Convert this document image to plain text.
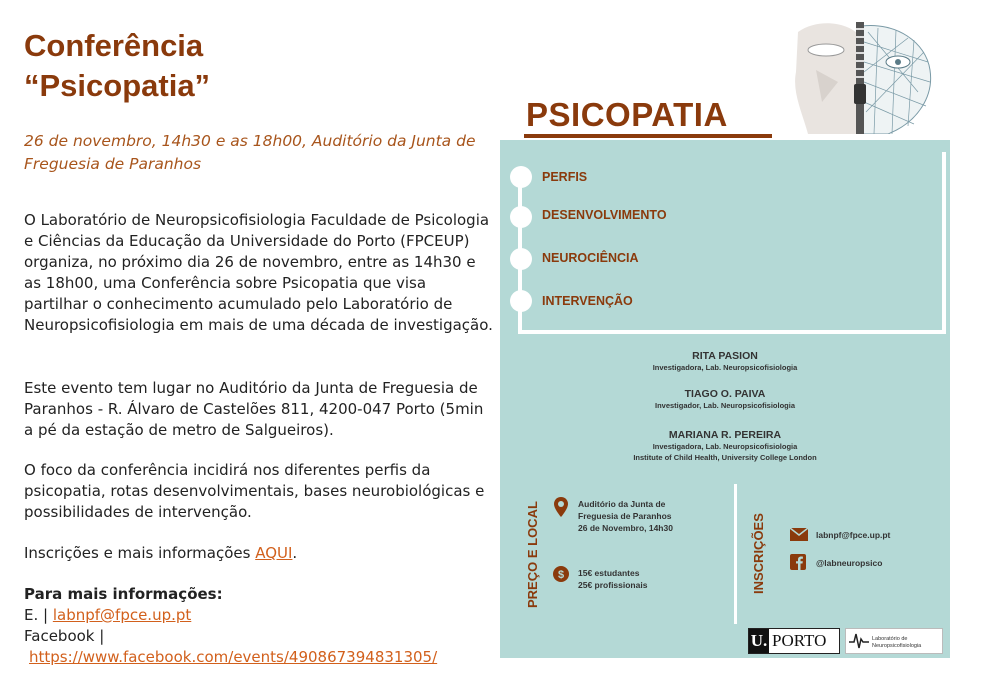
Conferência
“Psicopatia”
26 de novembro, 14h30 e as 18h00, Auditório da Junta de Freguesia de Paranhos
O Laboratório de Neuropsicofisiologia Faculdade de Psicologia e Ciências da Educação da Universidade do Porto (FPCEUP) organiza, no próximo dia 26 de novembro, entre as 14h30 e as 18h00, uma Conferência sobre Psicopatia que visa partilhar o conhecimento acumulado pelo Laboratório de Neuropsicofisiologia em mais de uma década de investigação.
Este evento tem lugar no Auditório da Junta de Freguesia de Paranhos - R. Álvaro de Castelões 811, 4200-047 Porto (5min a pé da estação de metro de Salgueiros).
O foco da conferência incidirá nos diferentes perfis da psicopatia, rotas desenvolvimentais, bases neurobiológicas e possibilidades de intervenção.
Inscrições e mais informações AQUI.
Para mais informações:
E. | labnpf@fpce.up.pt
Facebook |
https://www.facebook.com/events/490867394831305/
PSICOPATIA
PERFIS
DESENVOLVIMENTO
NEUROCIÊNCIA
INTERVENÇÃO
RITA PASION
Investigadora, Lab. Neuropsicofisiologia
TIAGO O. PAIVA
Investigador, Lab. Neuropsicofisiologia
MARIANA R. PEREIRA
Investigadora, Lab. Neuropsicofisiologia
Institute of Child Health, University College London
PREÇO E LOCAL	INSCRIÇÕES
Auditório da Junta de
Freguesia de Paranhos
26 de Novembro, 14h30
$ 15€ estudantes
25€ profissionais
labnpf@fpce.up.pt
@labneuropsico
U. PORTO	Laboratório de Neuropsicofisiologia
